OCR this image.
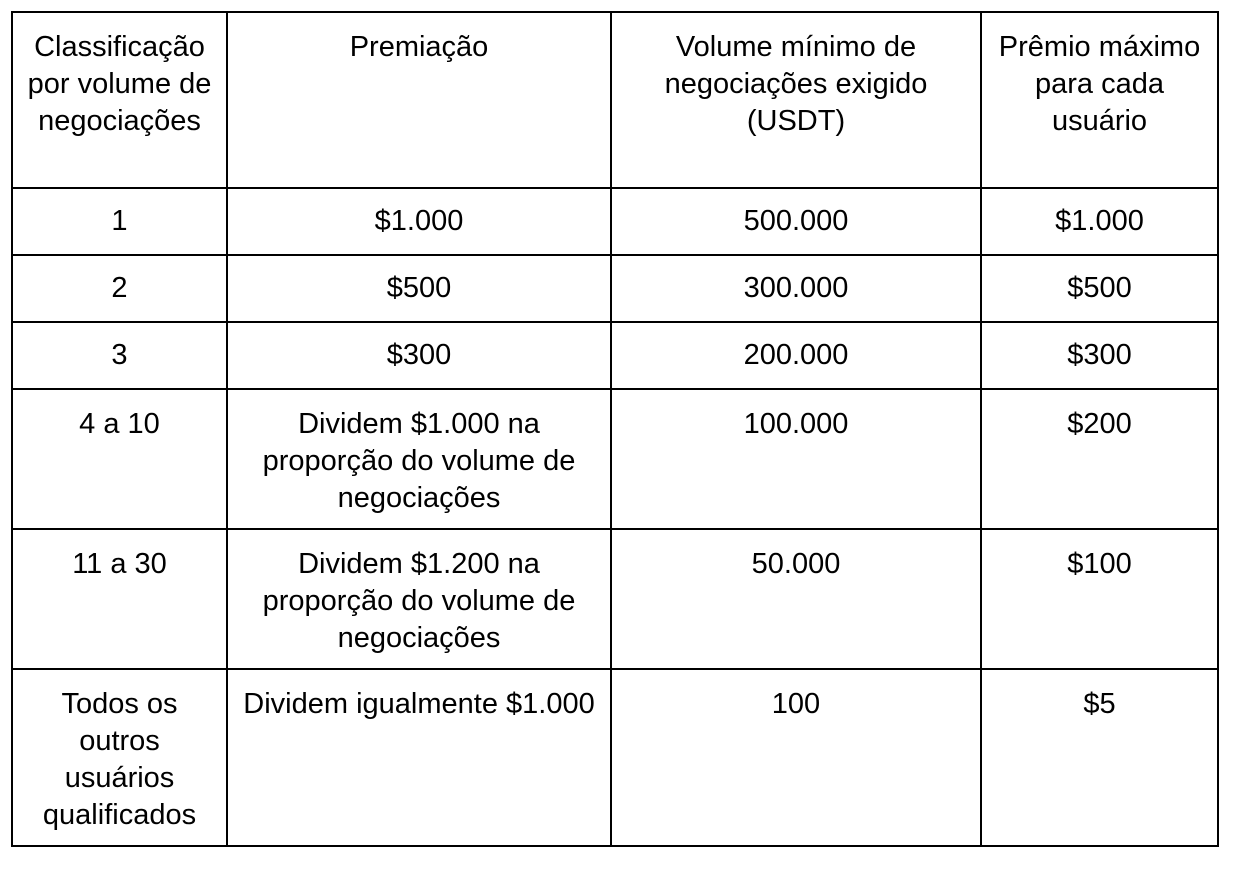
Classificação por volume de negociações	Premiação	Volume mínimo de negociações exigido (USDT)	Prêmio máximo para cada usuário
1	$1.000	500.000	$1.000
2	$500	300.000	$500
3	$300	200.000	$300
4 a 10	Dividem $1.000 na proporção do volume de negociações	100.000	$200
11 a 30	Dividem $1.200 na proporção do volume de negociações	50.000	$100
Todos os outros usuários qualificados	Dividem igualmente $1.000	100	$5
